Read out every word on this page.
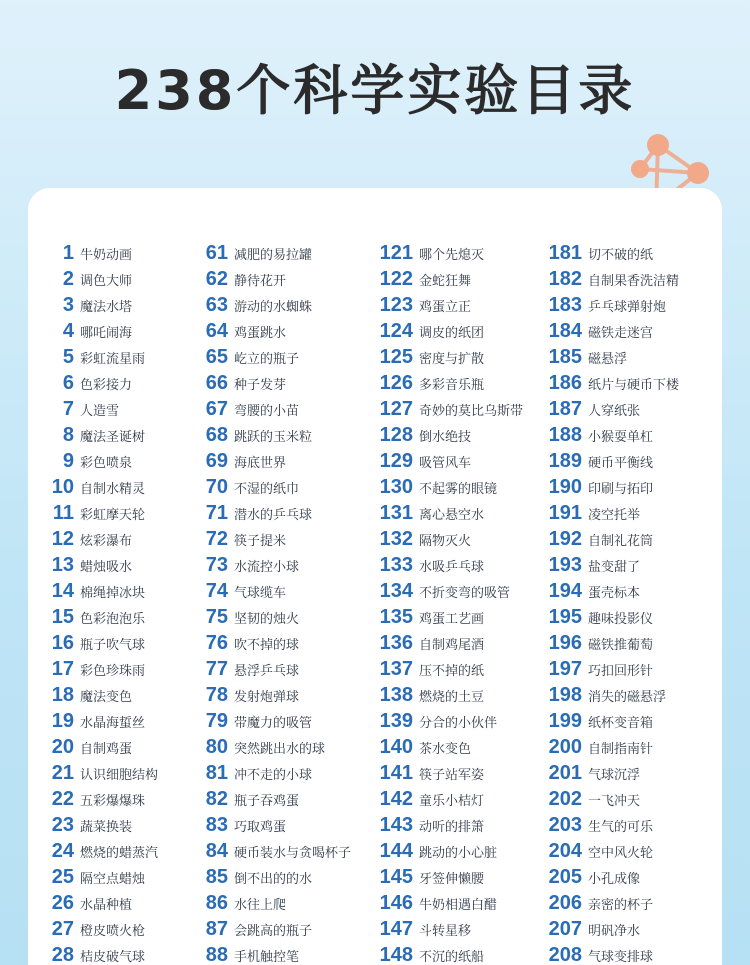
238个科学实验目录
1 牛奶动画
2 调色大师
3 魔法水塔
4 哪吒闹海
5 彩虹流星雨
6 色彩接力
7 人造雪
8 魔法圣诞树
9 彩色喷泉
10 自制水精灵
11 彩虹摩天轮
12 炫彩瀑布
13 蜡烛吸水
14 棉绳掉冰块
15 色彩泡泡乐
16 瓶子吹气球
17 彩色珍珠雨
18 魔法变色
19 水晶海蜇丝
20 自制鸡蛋
21 认识细胞结构
22 五彩爆爆珠
23 蔬菜换装
24 燃烧的蜡蒸汽
25 隔空点蜡烛
26 水晶种植
27 橙皮喷火枪
28 桔皮破气球
61 减肥的易拉罐
62 静待花开
63 游动的水蜘蛛
64 鸡蛋跳水
65 屹立的瓶子
66 种子发芽
67 弯腰的小苗
68 跳跃的玉米粒
69 海底世界
70 不湿的纸巾
71 潜水的乒乓球
72 筷子提米
73 水流控小球
74 气球缆车
75 坚韧的烛火
76 吹不掉的球
77 悬浮乒乓球
78 发射炮弹球
79 带魔力的吸管
80 突然跳出水的球
81 冲不走的小球
82 瓶子吞鸡蛋
83 巧取鸡蛋
84 硬币装水与贪喝杯子
85 倒不出的的水
86 水往上爬
87 会跳高的瓶子
88 手机触控笔
121 哪个先熄灭
122 金蛇狂舞
123 鸡蛋立正
124 调皮的纸团
125 密度与扩散
126 多彩音乐瓶
127 奇妙的莫比乌斯带
128 倒水绝技
129 吸管风车
130 不起雾的眼镜
131 离心悬空水
132 隔物灭火
133 水吸乒乓球
134 不折变弯的吸管
135 鸡蛋工艺画
136 自制鸡尾酒
137 压不掉的纸
138 燃烧的土豆
139 分合的小伙伴
140 茶水变色
141 筷子站军姿
142 童乐小桔灯
143 动听的排箫
144 跳动的小心脏
145 牙签伸懒腰
146 牛奶相遇白醋
147 斗转星移
148 不沉的纸船
181 切不破的纸
182 自制果香洗洁精
183 乒乓球弹射炮
184 磁铁走迷宫
185 磁悬浮
186 纸片与硬币下楼
187 人穿纸张
188 小猴耍单杠
189 硬币平衡线
190 印刷与拓印
191 凌空托举
192 自制礼花筒
193 盐变甜了
194 蛋壳标本
195 趣味投影仪
196 磁铁推葡萄
197 巧扣回形针
198 消失的磁悬浮
199 纸杯变音箱
200 自制指南针
201 气球沉浮
202 一飞冲天
203 生气的可乐
204 空中风火轮
205 小孔成像
206 亲密的杯子
207 明矾净水
208 气球变排球
